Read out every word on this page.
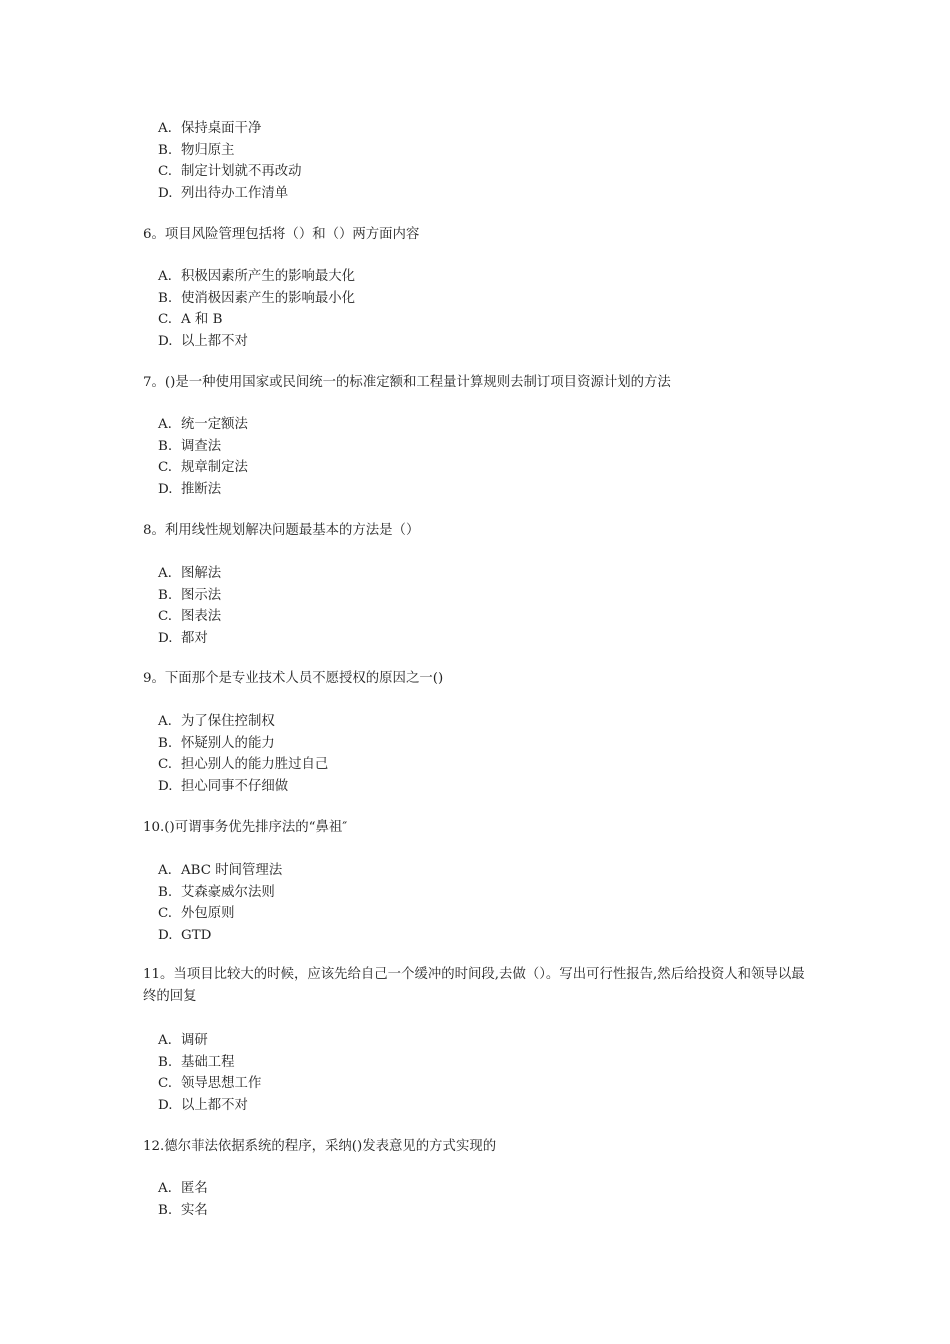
A. 保持桌面干净
B. 物归原主
C. 制定计划就不再改动
D. 列出待办工作清单
6。项目风险管理包括将（）和（）两方面内容
A. 积极因素所产生的影响最大化
B. 使消极因素产生的影响最小化
C. A 和 B
D. 以上都不对
7。()是一种使用国家或民间统一的标准定额和工程量计算规则去制订项目资源计划的方法
A. 统一定额法
B. 调查法
C. 规章制定法
D. 推断法
8。利用线性规划解决问题最基本的方法是（）
A. 图解法
B. 图示法
C. 图表法
D. 都对
9。下面那个是专业技术人员不愿授权的原因之一()
A. 为了保住控制权
B. 怀疑别人的能力
C. 担心别人的能力胜过自己
D. 担心同事不仔细做
10.()可谓事务优先排序法的“鼻祖″
A. ABC 时间管理法
B. 艾森豪威尔法则
C. 外包原则
D. GTD
11。当项目比较大的时候，应该先给自己一个缓冲的时间段,去做（）。写出可行性报告,然后给投资人和领导以最终的回复
A. 调研
B. 基础工程
C. 领导思想工作
D. 以上都不对
12.德尔菲法依据系统的程序，采纳()发表意见的方式实现的
A. 匿名
B. 实名
